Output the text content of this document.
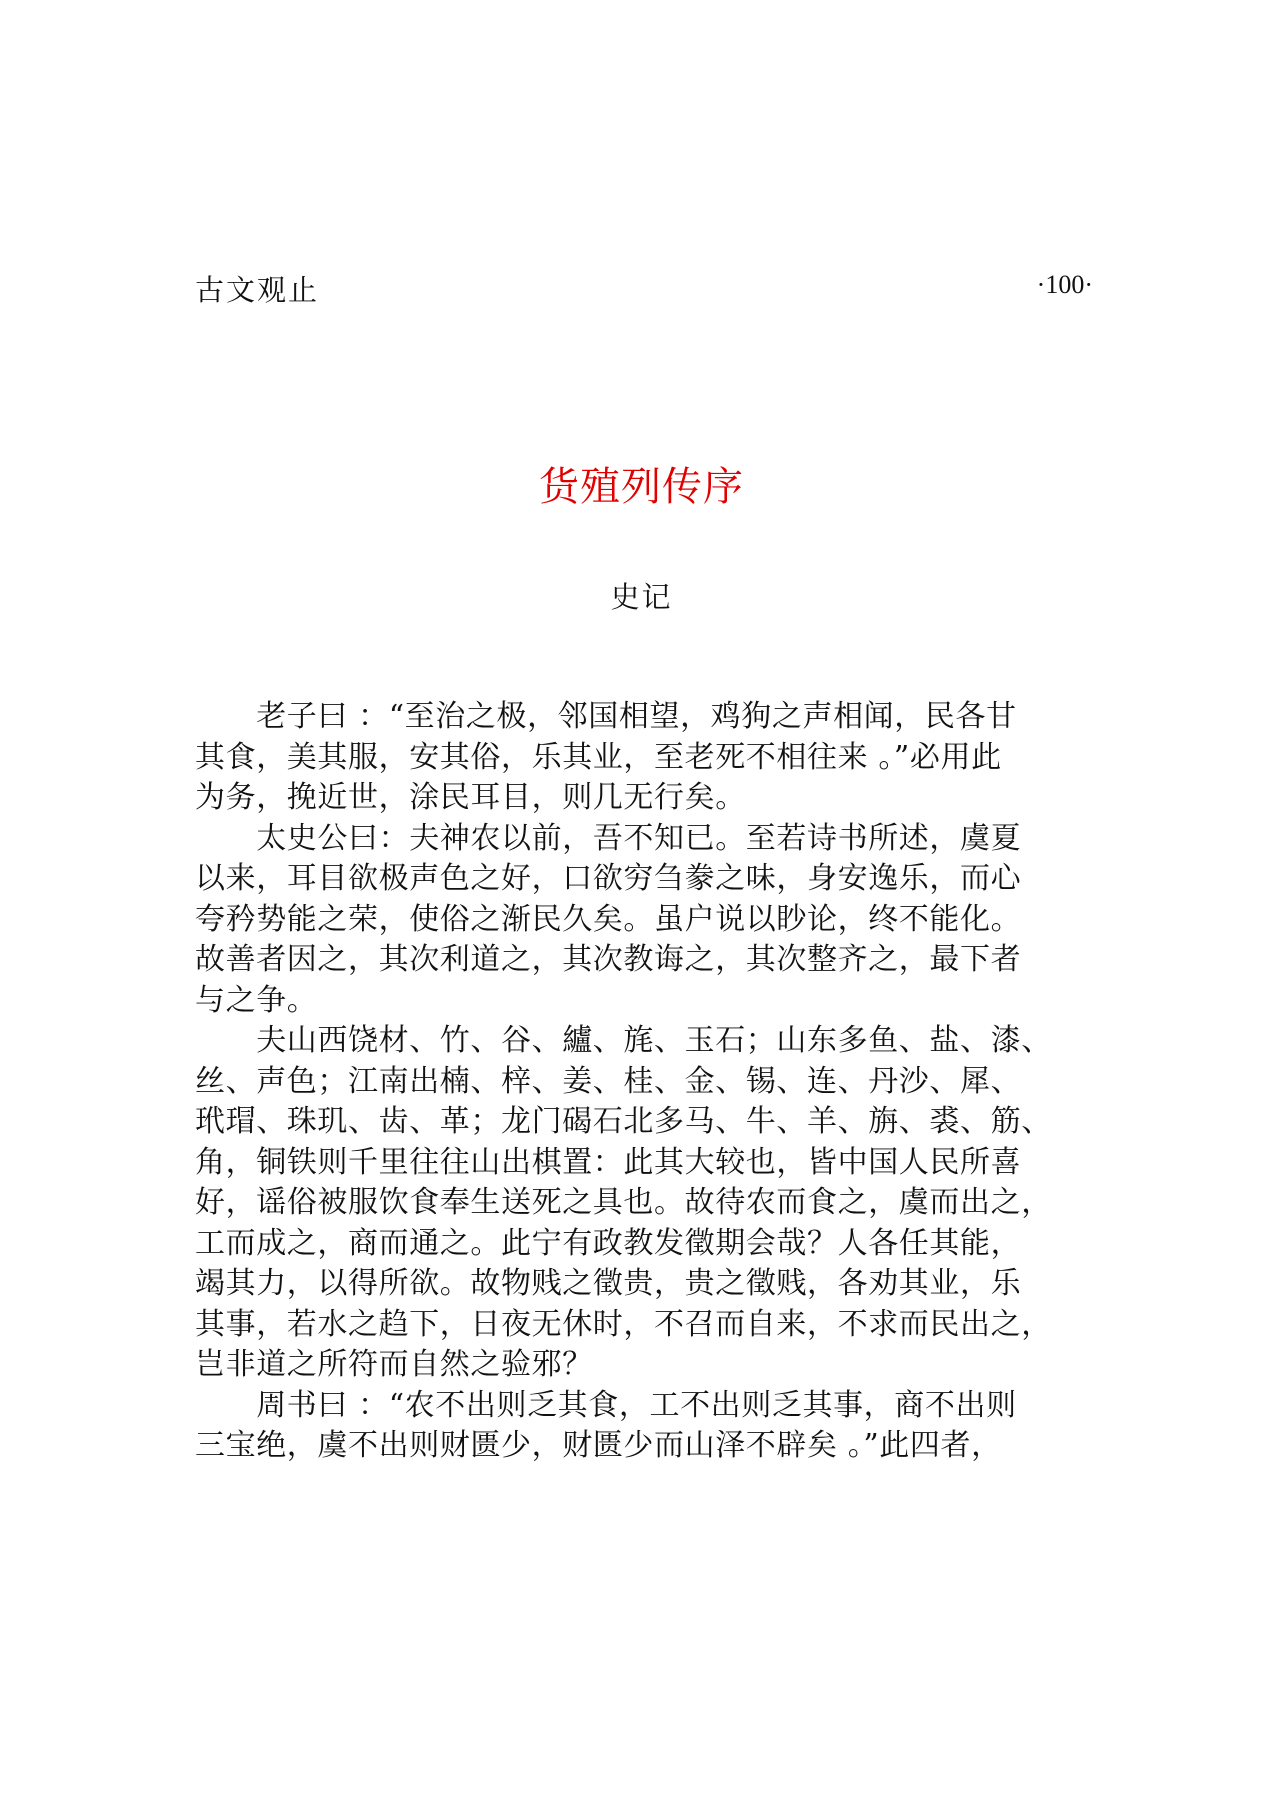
古文观止	·100·
货殖列传序
史记
　　老子曰 ：“至治之极，邻国相望，鸡狗之声相闻，民各甘
其食，美其服，安其俗，乐其业，至老死不相往来 。”必用此
为务，挽近世，涂民耳目，则几无行矣。
　　太史公曰：夫神农以前，吾不知已。至若诗书所述，虞夏
以来，耳目欲极声色之好，口欲穷刍豢之味，身安逸乐，而心
夸矜势能之荣，使俗之渐民久矣。虽户说以眇论，终不能化。
故善者因之，其次利道之，其次教诲之，其次整齐之，最下者
与之争。
　　夫山西饶材、竹、谷、纑、旄、玉石；山东多鱼、盐、漆、
丝、声色；江南出楠、梓、姜、桂、金、锡、连、丹沙、犀、
玳瑁、珠玑、齿、革；龙门碣石北多马、牛、羊、旃、裘、筋、
角，铜铁则千里往往山出棋置：此其大较也，皆中国人民所喜
好，谣俗被服饮食奉生送死之具也。故待农而食之，虞而出之，
工而成之，商而通之。此宁有政教发徵期会哉？人各任其能，
竭其力，以得所欲。故物贱之徵贵，贵之徵贱，各劝其业，乐
其事，若水之趋下，日夜无休时，不召而自来，不求而民出之，
岂非道之所符而自然之验邪？
　　周书曰 ：“农不出则乏其食，工不出则乏其事，商不出则
三宝绝，虞不出则财匮少，财匮少而山泽不辟矣 。”此四者，
